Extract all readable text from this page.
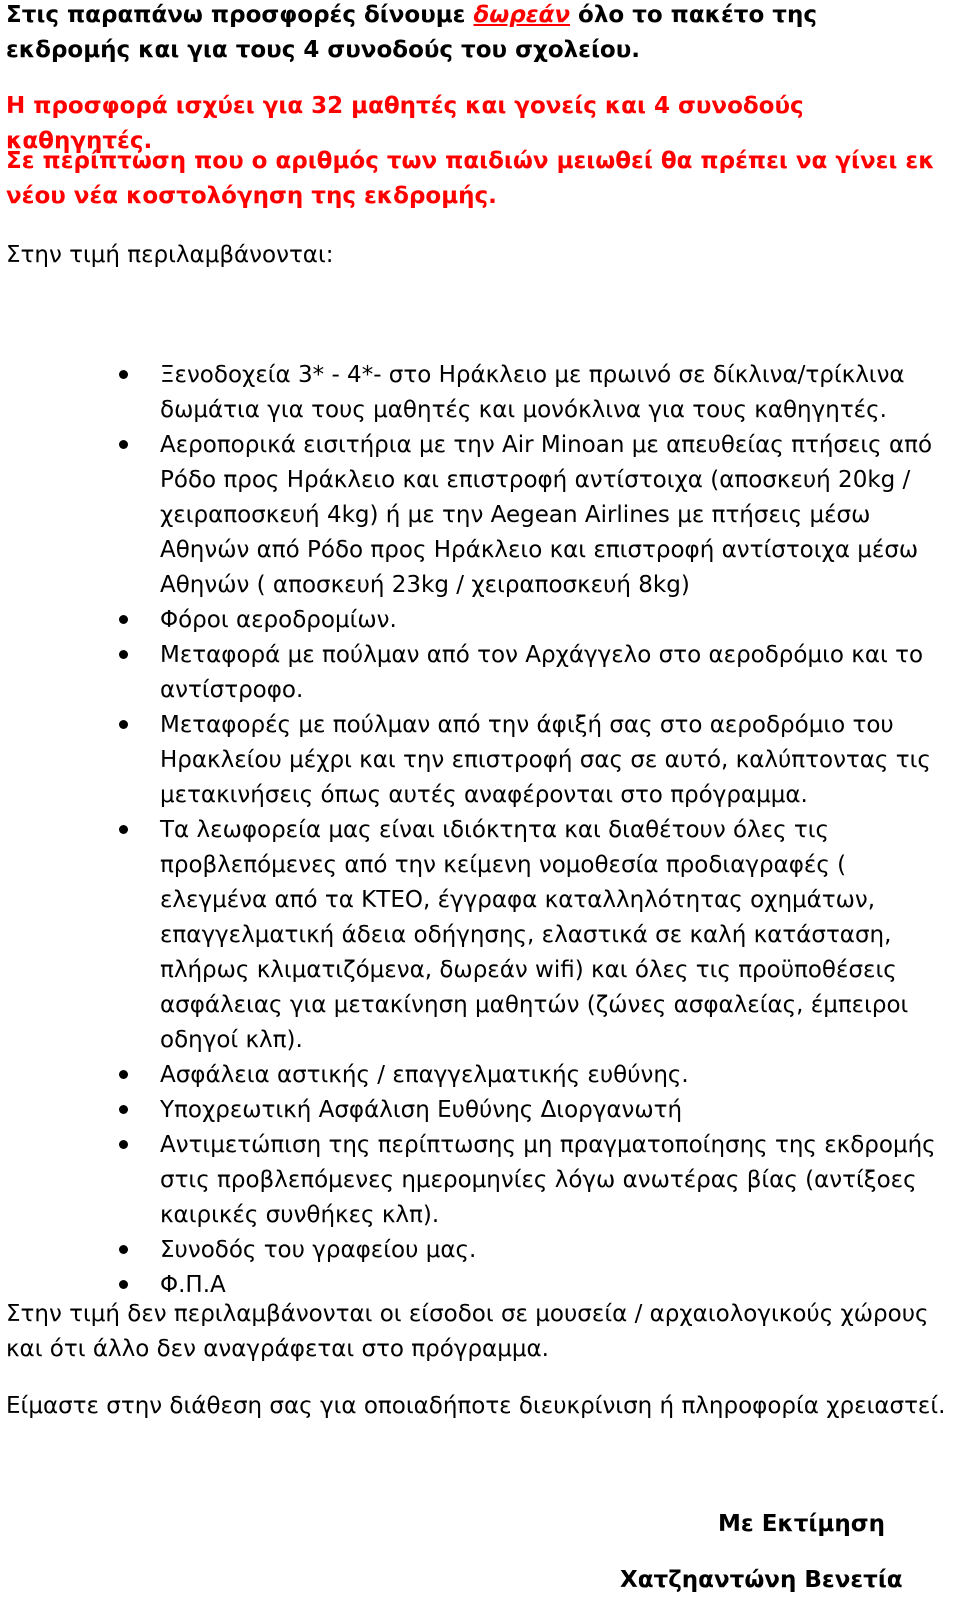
Στις παραπάνω προσφορές δίνουμε δωρεάν όλο το πακέτο της εκδρομής και για τους 4 συνοδούς του σχολείου.

Η προσφορά ισχύει για 32 μαθητές και γονείς και 4 συνοδούς καθηγητές.

Σε περίπτωση που ο αριθμός των παιδιών μειωθεί θα πρέπει να γίνει εκ νέου νέα κοστολόγηση της εκδρομής.

Στην τιμή περιλαμβάνονται:

Ξενοδοχεία 3* - 4*- στο Ηράκλειο με πρωινό σε δίκλινα/τρίκλινα δωμάτια για τους μαθητές και μονόκλινα για τους καθηγητές.
Αεροπορικά εισιτήρια με την Air Minoan με απευθείας πτήσεις από Ρόδο προς Ηράκλειο και επιστροφή αντίστοιχα (αποσκευή 20kg / χειραποσκευή 4kg) ή με την Aegean Airlines με πτήσεις μέσω Αθηνών από Ρόδο προς Ηράκλειο και επιστροφή αντίστοιχα μέσω Αθηνών ( αποσκευή 23kg / χειραποσκευή 8kg)
Φόροι αεροδρομίων.
Μεταφορά με πούλμαν από τον Αρχάγγελο στο αεροδρόμιο και το αντίστροφο.
Μεταφορές με πούλμαν από την άφιξή σας στο αεροδρόμιο του Ηρακλείου μέχρι και την επιστροφή σας σε αυτό, καλύπτοντας τις μετακινήσεις όπως αυτές αναφέρονται στο πρόγραμμα.
Τα λεωφορεία μας είναι ιδιόκτητα και διαθέτουν όλες τις προβλεπόμενες από την κείμενη νομοθεσία προδιαγραφές ( ελεγμένα από τα ΚΤΕΟ, έγγραφα καταλληλότητας οχημάτων, επαγγελματική άδεια οδήγησης, ελαστικά σε καλή κατάσταση, πλήρως κλιματιζόμενα, δωρεάν wifi) και όλες τις προϋποθέσεις ασφάλειας για μετακίνηση μαθητών (ζώνες ασφαλείας, έμπειροι οδηγοί κλπ).
Ασφάλεια αστικής / επαγγελματικής ευθύνης.
Υποχρεωτική Ασφάλιση Ευθύνης Διοργανωτή
Αντιμετώπιση της περίπτωσης μη πραγματοποίησης της εκδρομής στις προβλεπόμενες ημερομηνίες λόγω ανωτέρας βίας (αντίξοες καιρικές συνθήκες κλπ).
Συνοδός του γραφείου μας.
Φ.Π.Α

Στην τιμή δεν περιλαμβάνονται οι είσοδοι σε μουσεία / αρχαιολογικούς χώρους και ότι άλλο δεν αναγράφεται στο πρόγραμμα.

Είμαστε στην διάθεση σας για οποιαδήποτε διευκρίνιση ή πληροφορία χρειαστεί.

Με Εκτίμηση
Χατζηαντώνη Βενετία
